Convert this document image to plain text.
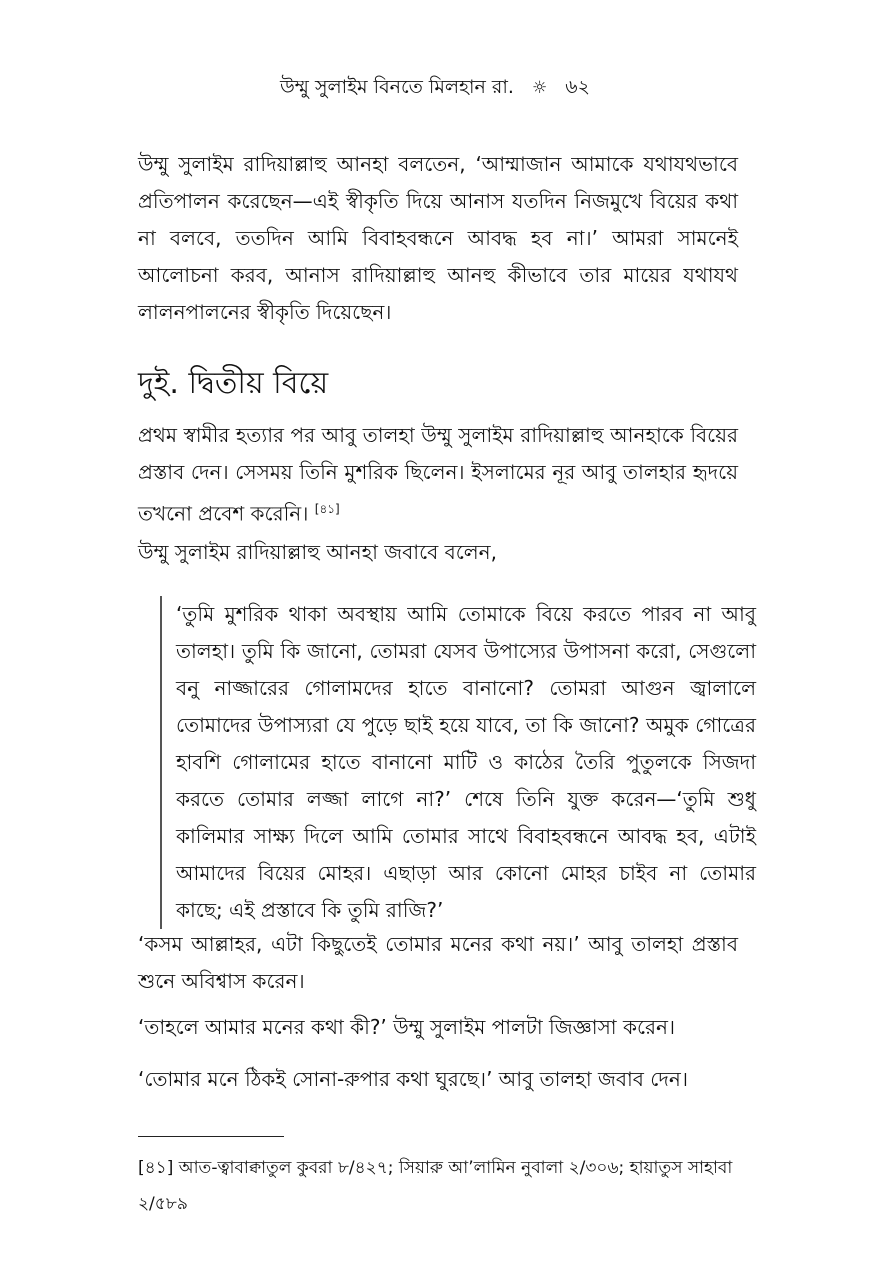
উম্মু সুলাইম বিনতে মিলহান রা. ☼ ৬২

উম্মু সুলাইম রাদিয়াল্লাহু আনহা বলতেন, ‘আম্মাজান আমাকে যথাযথভাবে প্রতিপালন করেছেন—এই স্বীকৃতি দিয়ে আনাস যতদিন নিজমুখে বিয়ের কথা না বলবে, ততদিন আমি বিবাহবন্ধনে আবদ্ধ হব না।’ আমরা সামনেই আলোচনা করব, আনাস রাদিয়াল্লাহু আনহু কীভাবে তার মায়ের যথাযথ লালনপালনের স্বীকৃতি দিয়েছেন।

দুই. দ্বিতীয় বিয়ে

প্রথম স্বামীর হত্যার পর আবু তালহা উম্মু সুলাইম রাদিয়াল্লাহু আনহাকে বিয়ের প্রস্তাব দেন। সেসময় তিনি মুশরিক ছিলেন। ইসলামের নূর আবু তালহার হৃদয়ে তখনো প্রবেশ করেনি। [৪১]

উম্মু সুলাইম রাদিয়াল্লাহু আনহা জবাবে বলেন,

‘তুমি মুশরিক থাকা অবস্থায় আমি তোমাকে বিয়ে করতে পারব না আবু তালহা। তুমি কি জানো, তোমরা যেসব উপাস্যের উপাসনা করো, সেগুলো বনু নাজ্জারের গোলামদের হাতে বানানো? তোমরা আগুন জ্বালালে তোমাদের উপাস্যরা যে পুড়ে ছাই হয়ে যাবে, তা কি জানো? অমুক গোত্রের হাবশি গোলামের হাতে বানানো মাটি ও কাঠের তৈরি পুতুলকে সিজদা করতে তোমার লজ্জা লাগে না?’ শেষে তিনি যুক্ত করেন—‘তুমি শুধু কালিমার সাক্ষ্য দিলে আমি তোমার সাথে বিবাহবন্ধনে আবদ্ধ হব, এটাই আমাদের বিয়ের মোহর। এছাড়া আর কোনো মোহর চাইব না তোমার কাছে; এই প্রস্তাবে কি তুমি রাজি?’

‘কসম আল্লাহর, এটা কিছুতেই তোমার মনের কথা নয়।’ আবু তালহা প্রস্তাব শুনে অবিশ্বাস করেন।

‘তাহলে আমার মনের কথা কী?’ উম্মু সুলাইম পালটা জিজ্ঞাসা করেন।

‘তোমার মনে ঠিকই সোনা-রুপার কথা ঘুরছে।’ আবু তালহা জবাব দেন।

[৪১] আত-ত্বাবাক্বাতুল কুবরা ৮/৪২৭; সিয়ারু আ’লামিন নুবালা ২/৩০৬; হায়াতুস সাহাবা ২/৫৮৯
